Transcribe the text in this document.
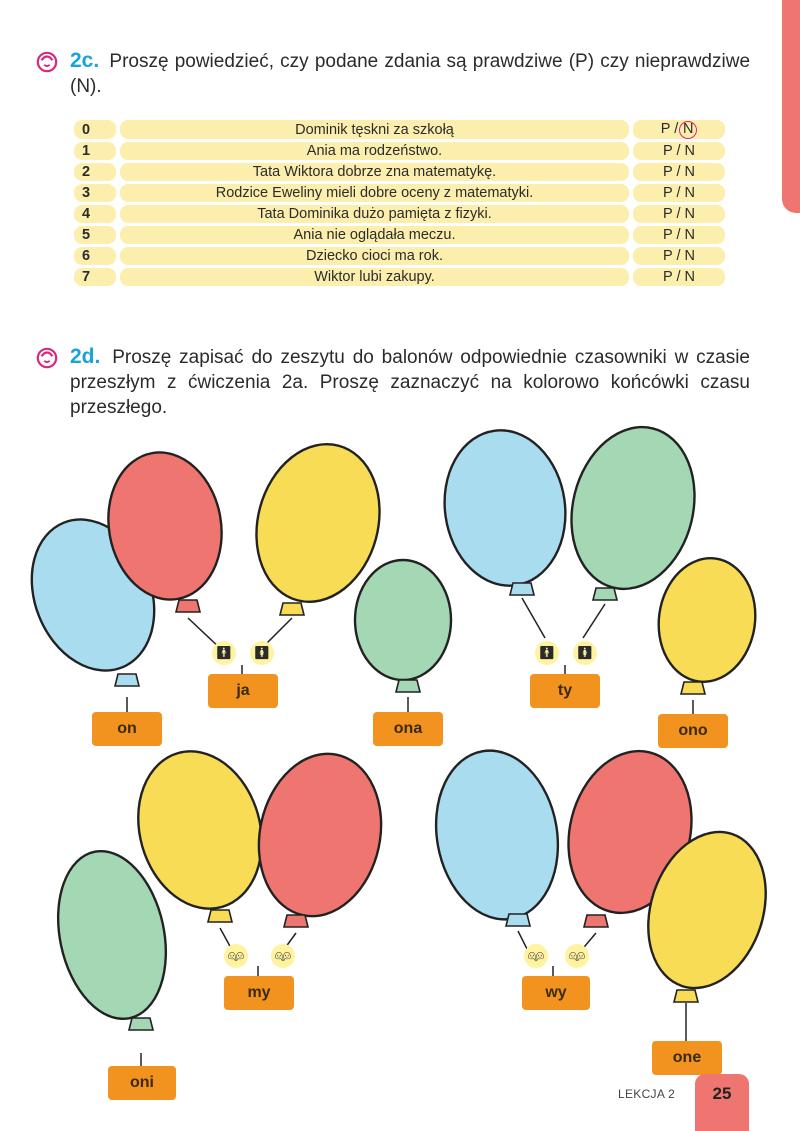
2c. Proszę powiedzieć, czy podane zdania są prawdziwe (P) czy nieprawdziwe (N).
0		Dominik tęskni za szkołą		P / N
1		Ania ma rodzeństwo.		P / N
2		Tata Wiktora dobrze zna matematykę.		P / N
3		Rodzice Eweliny mieli dobre oceny z matematyki.		P / N
4		Tata Dominika dużo pamięta z fizyki.		P / N
5		Ania nie oglądała meczu.		P / N
6		Dziecko cioci ma rok.		P / N
7		Wiktor lubi zakupy.		P / N
2d. Proszę zapisać do zeszytu do balonów odpowiednie czasowniki w czasie przeszłym z ćwiczenia 2a. Proszę zaznaczyć na kolorowo końcówki czasu przeszłego.
🚹︎ 🚺︎	🚹︎ 🚺︎
👬︎ 👫︎	👬︎ 👫︎
on
ja
ona
ty
ono
oni
my	wy
one
LEKCJA 2	25
